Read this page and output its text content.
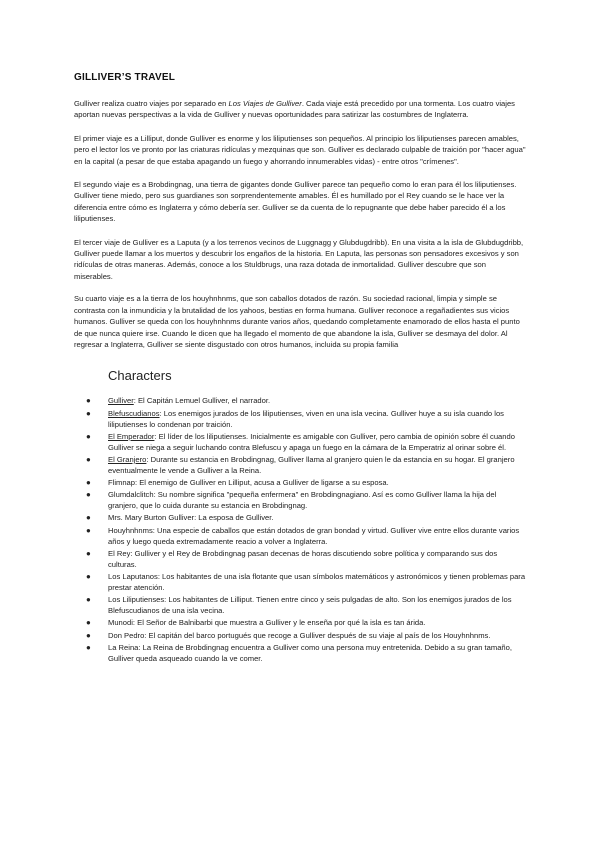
GILLIVER’S TRAVEL

Gulliver realiza cuatro viajes por separado en Los Viajes de Gulliver. Cada viaje está precedido por una tormenta. Los cuatro viajes aportan nuevas perspectivas a la vida de Gulliver y nuevas oportunidades para satirizar las costumbres de Inglaterra.

El primer viaje es a Lilliput, donde Gulliver es enorme y los liliputienses son pequeños. Al principio los liliputienses parecen amables, pero el lector los ve pronto por las criaturas ridículas y mezquinas que son. Gulliver es declarado culpable de traición por "hacer agua" en la capital (a pesar de que estaba apagando un fuego y ahorrando innumerables vidas) - entre otros "crímenes".

El segundo viaje es a Brobdingnag, una tierra de gigantes donde Gulliver parece tan pequeño como lo eran para él los liliputienses. Gulliver tiene miedo, pero sus guardianes son sorprendentemente amables. Él es humillado por el Rey cuando se le hace ver la diferencia entre cómo es Inglaterra y cómo debería ser. Gulliver se da cuenta de lo repugnante que debe haber parecido él a los liliputienses.

El tercer viaje de Gulliver es a Laputa (y a los terrenos vecinos de Luggnagg y Glubdugdribb). En una visita a la isla de Glubdugdribb, Gulliver puede llamar a los muertos y descubrir los engaños de la historia. En Laputa, las personas son pensadores excesivos y son ridículas de otras maneras. Además, conoce a los Stuldbrugs, una raza dotada de inmortalidad. Gulliver descubre que son miserables.

Su cuarto viaje es a la tierra de los houyhnhnms, que son caballos dotados de razón. Su sociedad racional, limpia y simple se contrasta con la inmundicia y la brutalidad de los yahoos, bestias en forma humana. Gulliver reconoce a regañadientes sus vicios humanos. Gulliver se queda con los houyhnhnms durante varios años, quedando completamente enamorado de ellos hasta el punto de que nunca quiere irse. Cuando le dicen que ha llegado el momento de que abandone la isla, Gulliver se desmaya del dolor. Al regresar a Inglaterra, Gulliver se siente disgustado con otros humanos, incluida su propia familia

Characters
● Gulliver: El Capitán Lemuel Gulliver, el narrador.
● Blefuscudianos: Los enemigos jurados de los liliputienses, viven en una isla vecina. Gulliver huye a su isla cuando los liliputienses lo condenan por traición.
● El Emperador: El líder de los liliputienses. Inicialmente es amigable con Gulliver, pero cambia de opinión sobre él cuando Gulliver se niega a seguir luchando contra Blefuscu y apaga un fuego en la cámara de la Emperatriz al orinar sobre él.
● El Granjero: Durante su estancia en Brobdingnag, Gulliver llama al granjero quien le da estancia en su hogar. El granjero eventualmente le vende a Gulliver a la Reina.
● Flimnap: El enemigo de Gulliver en Lilliput, acusa a Gulliver de ligarse a su esposa.
● Glumdalclitch: Su nombre significa "pequeña enfermera" en Brobdingnagiano. Así es como Gulliver llama la hija del granjero, que lo cuida durante su estancia en Brobdingnag.
● Mrs. Mary Burton Gulliver: La esposa de Gulliver.
● Houyhnhnms: Una especie de caballos que están dotados de gran bondad y virtud. Gulliver vive entre ellos durante varios años y luego queda extremadamente reacio a volver a Inglaterra.
● El Rey: Gulliver y el Rey de Brobdingnag pasan decenas de horas discutiendo sobre política y comparando sus dos culturas.
● Los Laputanos: Los habitantes de una isla flotante que usan símbolos matemáticos y astronómicos y tienen problemas para prestar atención.
● Los Liliputienses: Los habitantes de Lilliput. Tienen entre cinco y seis pulgadas de alto. Son los enemigos jurados de los Blefuscudianos de una isla vecina.
● Munodi: El Señor de Balnibarbi que muestra a Gulliver y le enseña por qué la isla es tan árida.
● Don Pedro: El capitán del barco portugués que recoge a Gulliver después de su viaje al país de los Houyhnhnms.
● La Reina: La Reina de Brobdingnag encuentra a Gulliver como una persona muy entretenida. Debido a su gran tamaño, Gulliver queda asqueado cuando la ve comer.
